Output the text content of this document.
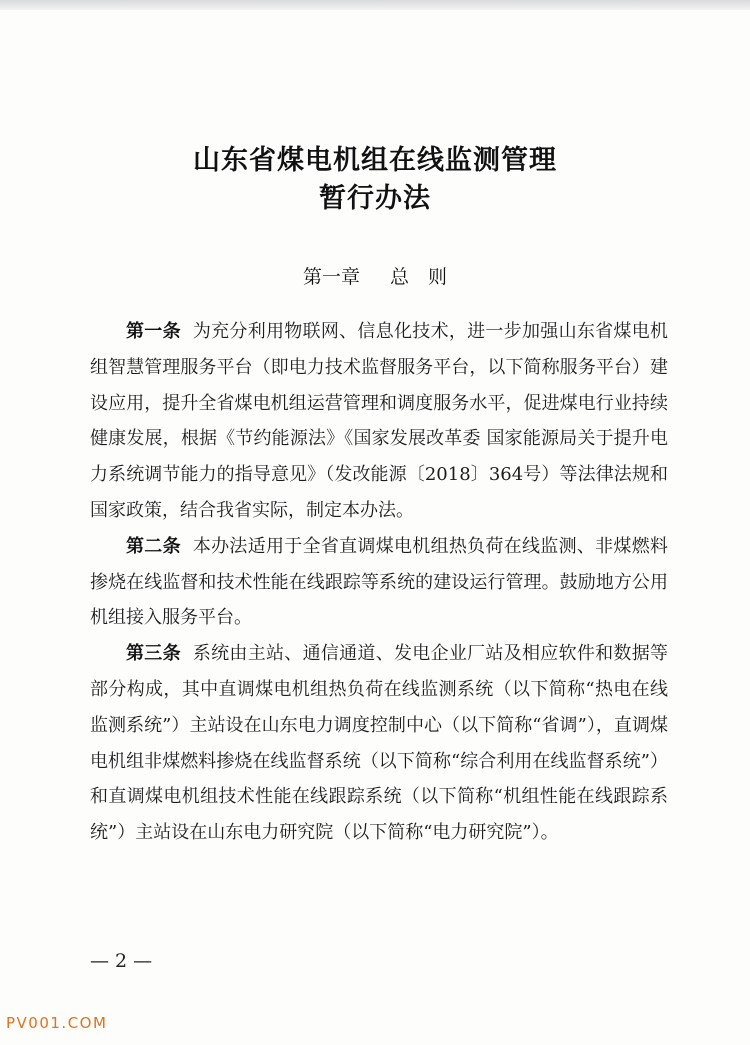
山东省煤电机组在线监测管理
暂行办法
第一章 总　则

第一条 为充分利用物联网、信息化技术，进一步加强山东省煤电机组智慧管理服务平台（即电力技术监督服务平台，以下简称服务平台）建设应用，提升全省煤电机组运营管理和调度服务水平，促进煤电行业持续健康发展，根据《节约能源法》《国家发展改革委 国家能源局关于提升电力系统调节能力的指导意见》（发改能源〔2018〕364号）等法律法规和国家政策，结合我省实际，制定本办法。

第二条 本办法适用于全省直调煤电机组热负荷在线监测、非煤燃料掺烧在线监督和技术性能在线跟踪等系统的建设运行管理。鼓励地方公用机组接入服务平台。

第三条 系统由主站、通信通道、发电企业厂站及相应软件和数据等部分构成，其中直调煤电机组热负荷在线监测系统（以下简称“热电在线监测系统”）主站设在山东电力调度控制中心（以下简称“省调”），直调煤电机组非煤燃料掺烧在线监督系统（以下简称“综合利用在线监督系统”）和直调煤电机组技术性能在线跟踪系统（以下简称“机组性能在线跟踪系统”）主站设在山东电力研究院（以下简称“电力研究院”）。

— 2 —
PV001.COM
